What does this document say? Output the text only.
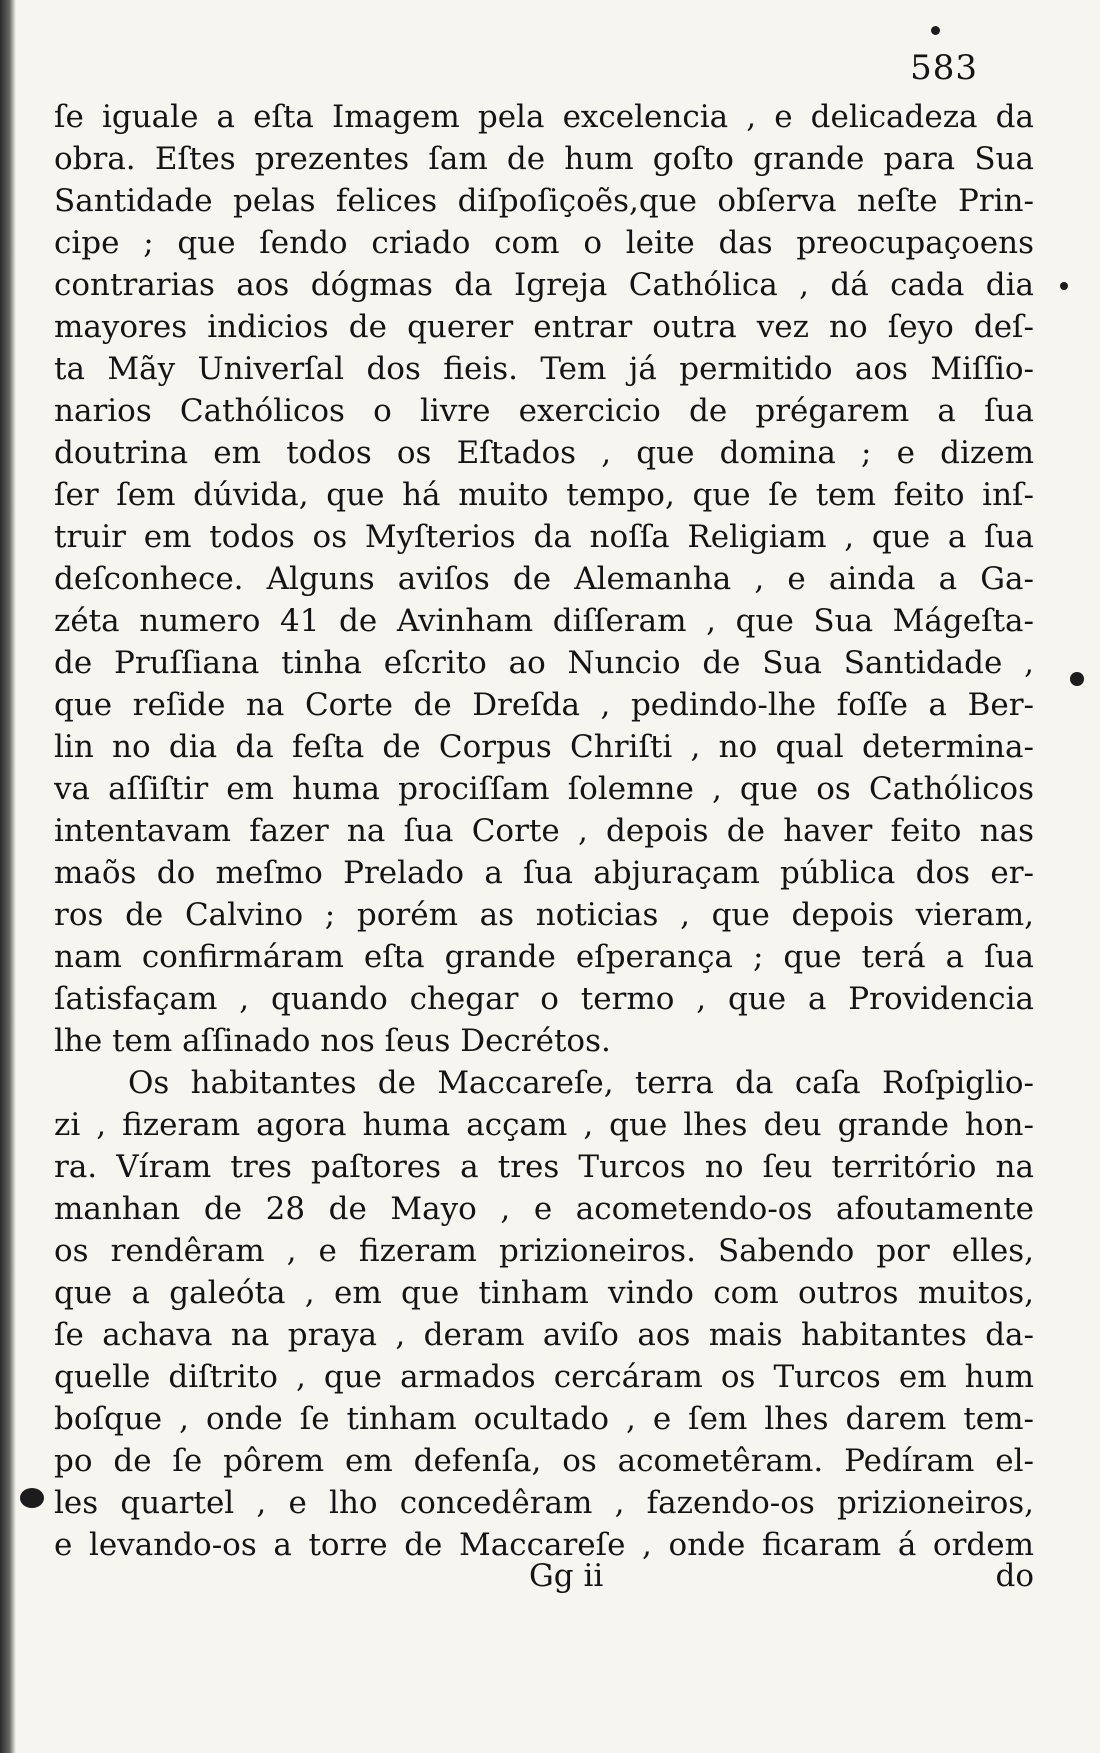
583
ſe iguale a eſta Imagem pela excelencia , e delicadeza da
obra. Eſtes prezentes ſam de hum goſto grande para Sua
Santidade pelas felices diſpoſiçoẽs,que obſerva neſte Prin-
cipe ; que ſendo criado com o leite das preocupaçoens
contrarias aos dógmas da Igreja Cathólica , dá cada dia
mayores indicios de querer entrar outra vez no ſeyo deſ-
ta Mãy Univerſal dos fieis. Tem já permitido aos Miſſio-
narios Cathólicos o livre exercicio de prégarem a ſua
doutrina em todos os Eſtados , que domina ; e dizem
ſer ſem dúvida, que há muito tempo, que ſe tem feito inſ-
truir em todos os Myſterios da noſſa Religiam , que a ſua
deſconhece. Alguns aviſos de Alemanha , e ainda a Ga-
zéta numero 41 de Avinham diſſeram , que Sua Mágeſta-
de Pruſſiana tinha eſcrito ao Nuncio de Sua Santidade ,
que reſide na Corte de Dreſda , pedindo-lhe foſſe a Ber-
lin no dia da feſta de Corpus Chriſti , no qual determina-
va aſſiſtir em huma prociſſam ſolemne , que os Cathólicos
intentavam fazer na ſua Corte , depois de haver feito nas
maõs do meſmo Prelado a ſua abjuraçam pública dos er-
ros de Calvino ; porém as noticias , que depois vieram,
nam confirmáram eſta grande eſperança ; que terá a ſua
ſatisfaçam , quando chegar o termo , que a Providencia
lhe tem aſſinado nos ſeus Decrétos.
Os habitantes de Maccareſe, terra da caſa Roſpiglio-
zi , fizeram agora huma acçam , que lhes deu grande hon-
ra. Víram tres paſtores a tres Turcos no ſeu território na
manhan de 28 de Mayo , e acometendo-os afoutamente
os rendêram , e fizeram prizioneiros. Sabendo por elles,
que a galeóta , em que tinham vindo com outros muitos,
ſe achava na praya , deram aviſo aos mais habitantes da-
quelle diſtrito , que armados cercáram os Turcos em hum
boſque , onde ſe tinham ocultado , e ſem lhes darem tem-
po de ſe pôrem em defenſa, os acometêram. Pedíram el-
les quartel , e lho concedêram , fazendo-os prizioneiros,
e levando-os a torre de Maccareſe , onde ficaram á ordem
Gg ii	do
